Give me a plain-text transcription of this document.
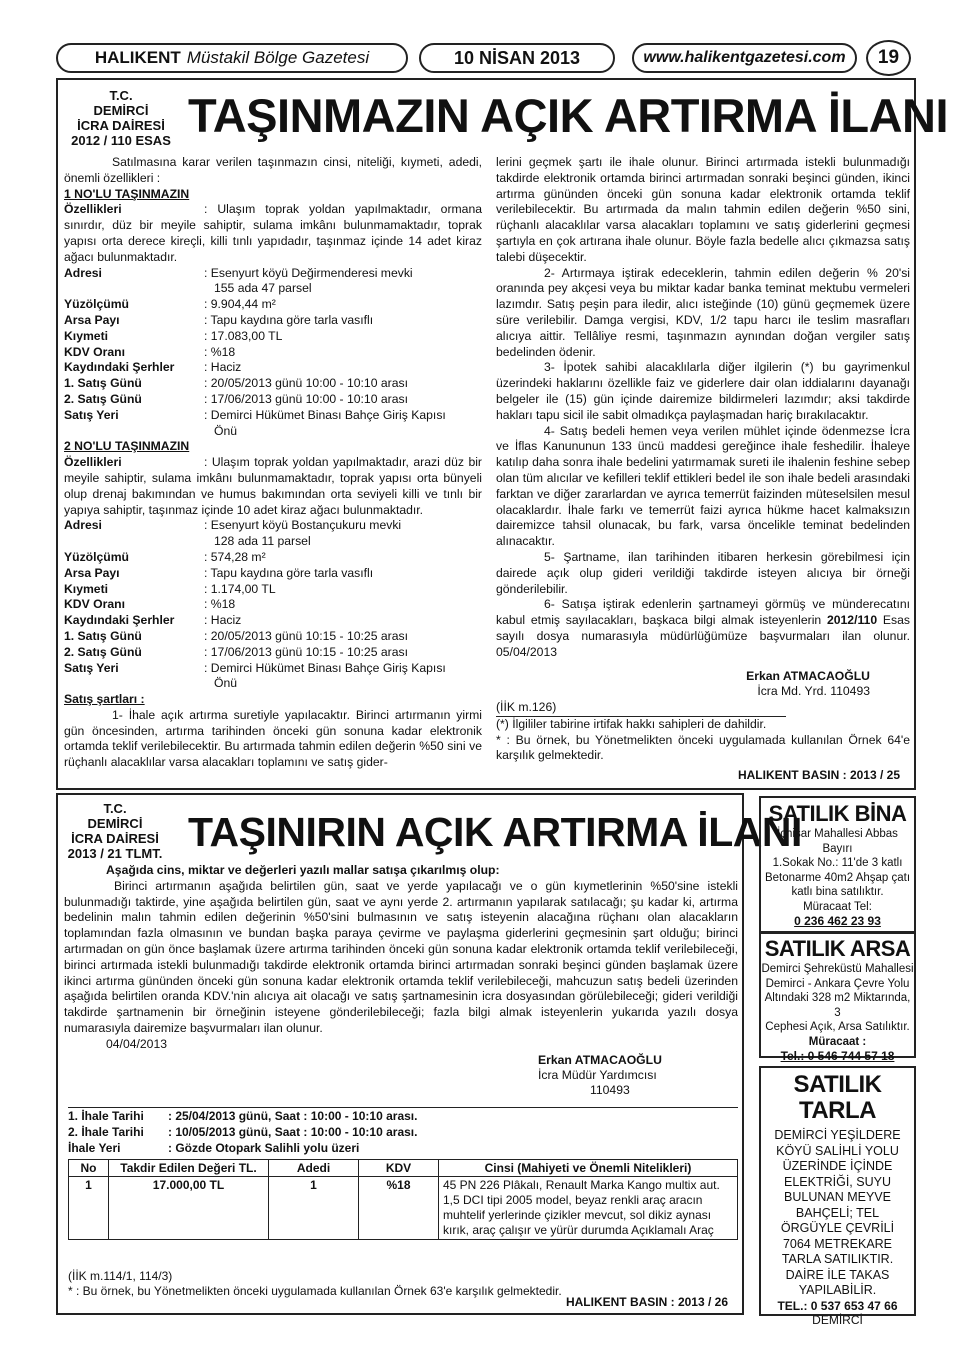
HALIKENT Müstakil Bölge Gazetesi	10 NİSAN 2013	www.halikentgazetesi.com	19
T.C.
DEMİRCİ
İCRA DAİRESİ
2012 / 110 ESAS TAŞINMAZIN AÇIK ARTIRMA İLANI

Satılmasına karar verilen taşınmazın cinsi, niteliği, kıymeti, adedi, önemli özellikleri :

1 NO'LU TAŞINMAZIN

Özellikleri	: Ulaşım toprak yoldan yapılmaktadır, ormana sınırdır, düz bir meyile sahiptir, sulama imkânı bulunmamaktadır, toprak yapısı orta derece kireçli, killi tınlı yapıdadır, taşınmaz içinde 14 adet kiraz ağacı bulunmaktadır.

Adresi	: Esenyurt köyü Değirmenderesi mevki
155 ada 47 parsel
Yüzölçümü	: 9.904,44 m²
Arsa Payı	: Tapu kaydına göre tarla vasıflı
Kıymeti	: 17.083,00 TL
KDV Oranı	: %18
Kaydındaki Şerhler	: Haciz
1. Satış Günü	: 20/05/2013 günü 10:00 - 10:10 arası
2. Satış Günü	: 17/06/2013 günü 10:00 - 10:10 arası
Satış Yeri	: Demirci Hükümet Binası Bahçe Giriş Kapısı
Önü

2 NO'LU TAŞINMAZIN

Özellikleri	: Ulaşım toprak yoldan yapılmaktadır, arazi düz bir meyile sahiptir, sulama imkânı bulunmamaktadır, toprak yapısı orta bünyeli olup drenaj bakımından ve humus bakımından orta seviyeli killi ve tınlı bir yapıya sahiptir, taşınmaz içinde 10 adet kiraz ağacı bulunmaktadır.

Adresi	: Esenyurt köyü Bostançukuru mevki
128 ada 11 parsel
Yüzölçümü	: 574,28 m²
Arsa Payı	: Tapu kaydına göre tarla vasıflı
Kıymeti	: 1.174,00 TL
KDV Oranı	: %18
Kaydındaki Şerhler	: Haciz
1. Satış Günü	: 20/05/2013 günü 10:15 - 10:25 arası
2. Satış Günü	: 17/06/2013 günü 10:15 - 10:25 arası
Satış Yeri	: Demirci Hükümet Binası Bahçe Giriş Kapısı
Önü

Satış şartları :

1- İhale açık artırma suretiyle yapılacaktır. Birinci artırmanın yirmi gün öncesinden, artırma tarihinden önceki gün sonuna kadar elektronik ortamda teklif verilebilecektir. Bu artırmada tahmin edilen değerin %50 sini ve rüçhanlı alacaklılar varsa alacakları toplamını ve satış gider-

lerini geçmek şartı ile ihale olunur. Birinci artırmada istekli bulunmadığı takdirde elektronik ortamda birinci artırmadan sonraki beşinci günden, ikinci artırma gününden önceki gün sonuna kadar elektronik ortamda teklif verilebilecektir. Bu artırmada da malın tahmin edilen değerin %50 sini, rüçhanlı alacaklılar varsa alacakları toplamını ve satış giderlerini geçmesi şartıyla en çok artırana ihale olunur. Böyle fazla bedelle alıcı çıkmazsa satış talebi düşecektir.

2- Artırmaya iştirak edeceklerin, tahmin edilen değerin % 20'si oranında pey akçesi veya bu miktar kadar banka teminat mektubu vermeleri lazımdır. Satış peşin para iledir, alıcı isteğinde (10) günü geçmemek üzere süre verilebilir. Damga vergisi, KDV, 1/2 tapu harcı ile teslim masrafları alıcıya aittir. Tellâliye resmi, taşınmazın aynından doğan vergiler satış bedelinden ödenir.

3- İpotek sahibi alacaklılarla diğer ilgilerin (*) bu gayrimenkul üzerindeki haklarını özellikle faiz ve giderlere dair olan iddialarını dayanağı belgeler ile (15) gün içinde dairemize bildirmeleri lazımdır; aksi takdirde hakları tapu sicil ile sabit olmadıkça paylaşmadan hariç bırakılacaktır.

4- Satış bedeli hemen veya verilen mühlet içinde ödenmezse İcra ve İflas Kanununun 133 üncü maddesi gereğince ihale feshedilir. İhaleye katılıp daha sonra ihale bedelini yatırmamak sureti ile ihalenin feshine sebep olan tüm alıcılar ve kefilleri teklif ettikleri bedel ile son ihale bedeli arasındaki farktan ve diğer zararlardan ve ayrıca temerrüt faizinden müteselsilen mesul olacaklardır. İhale farkı ve temerrüt faizi ayrıca hükme hacet kalmaksızın dairemizce tahsil olunacak, bu fark, varsa öncelikle teminat bedelinden alınacaktır.

5- Şartname, ilan tarihinden itibaren herkesin görebilmesi için dairede açık olup gideri verildiği takdirde isteyen alıcıya bir örneği gönderilebilir.

6- Satışa iştirak edenlerin şartnameyi görmüş ve münderecatını kabul etmiş sayılacakları, başkaca bilgi almak isteyenlerin 2012/110 Esas sayılı dosya numarasıyla müdürlüğümüze başvurmaları ilan olunur. 05/04/2013

Erkan ATMACAOĞLU

İcra Md. Yrd. 110493

(İİK m.126)

(*) İlgililer tabirine irtifak hakkı sahipleri de dahildir.

* : Bu örnek, bu Yönetmelikten önceki uygulamada kullanılan Örnek 64'e karşılık gelmektedir.

HALIKENT BASIN : 2013 / 25
T.C.
DEMİRCİ
İCRA DAİRESİ
2013 / 21 TLMT. TAŞINIRIN AÇIK ARTIRMA İLANI

Aşağıda cins, miktar ve değerleri yazılı mallar satışa çıkarılmış olup:

Birinci artırmanın aşağıda belirtilen gün, saat ve yerde yapılacağı ve o gün kıymetlerinin %50'sine istekli bulunmadığı taktirde, yine aşağıda belirtilen gün, saat ve aynı yerde 2. artırmanın yapılarak satılacağı; şu kadar ki, artırma bedelinin malın tahmin edilen değerinin %50'sini bulmasının ve satış isteyenin alacağına rüçhanı olan alacakların toplamından fazla olmasının ve bundan başka paraya çevirme ve paylaşma giderlerini geçmesinin şart olduğu; birinci artırmadan on gün önce başlamak üzere artırma tarihinden önceki gün sonuna kadar elektronik ortamda teklif verilebileceği, birinci artırmada istekli bulunmadığı takdirde elektronik ortamda birinci artırmadan sonraki beşinci günden başlamak üzere ikinci artırma gününden önceki gün sonuna kadar elektronik ortamda teklif verilebileceği, mahcuzun satış bedeli üzerinden aşağıda belirtilen oranda KDV.'nin alıcıya ait olacağı ve satış şartnamesinin icra dosyasından görülebileceği; gideri verildiği takdirde şartnamenin bir örneğinin isteyene gönderilebileceği; fazla bilgi almak isteyenlerin yukarıda yazılı dosya numarasıyla dairemize başvurmaları ilan olunur.

04/04/2013

Erkan ATMACAOĞLU
İcra Müdür Yardımcısı
110493
1. İhale Tarihi	: 25/04/2013 günü, Saat : 10:00 - 10:10 arası.
2. İhale Tarihi	: 10/05/2013 günü, Saat : 10:00 - 10:10 arası.
İhale Yeri	: Gözde Otopark Salihli yolu üzeri
No	Takdir Edilen Değeri TL.	Adedi	KDV	Cinsi (Mahiyeti ve Önemli Nitelikleri)
1	17.000,00 TL	1	%18	45 PN 226 Plâkalı, Renault Marka Kango multix aut. 1,5 DCI tipi 2005 model, beyaz renkli araç aracın muhtelif yerlerinde çizikler mevcut, sol dikiz aynası kırık, araç çalışır ve yürür durumda Açıklamalı Araç
(İİK m.114/1, 114/3)
* : Bu örnek, bu Yönetmelikten önceki uygulamada kullanılan Örnek 63'e karşılık gelmektedir.
HALIKENT BASIN : 2013 / 26
SATILIK BİNA
İçhisar Mahallesi Abbas Bayırı
1.Sokak No.: 11'de 3 katlı
Betonarme 40m2 Ahşap çatı
katlı bina satılıktır.
Müracaat Tel:
0 236 462 23 93
SATILIK ARSA
Demirci Şehreküstü Mahallesi
Demirci - Ankara Çevre Yolu
Altındaki 328 m2 Miktarında, 3
Cephesi Açık, Arsa Satılıktır.
Müracaat :
Tel.: 0 546 744 57 18
SATILIK TARLA
DEMİRCİ YEŞİLDERE
KÖYÜ SALİHLİ YOLU
ÜZERİNDE İÇİNDE
ELEKTRİĞİ, SUYU
BULUNAN MEYVE
BAHÇELİ; TEL
ÖRGÜYLE ÇEVRİLİ
7064 METREKARE
TARLA SATILIKTIR.
DAİRE İLE TAKAS
YAPILABİLİR.
TEL.: 0 537 653 47 66
DEMİRCİ
